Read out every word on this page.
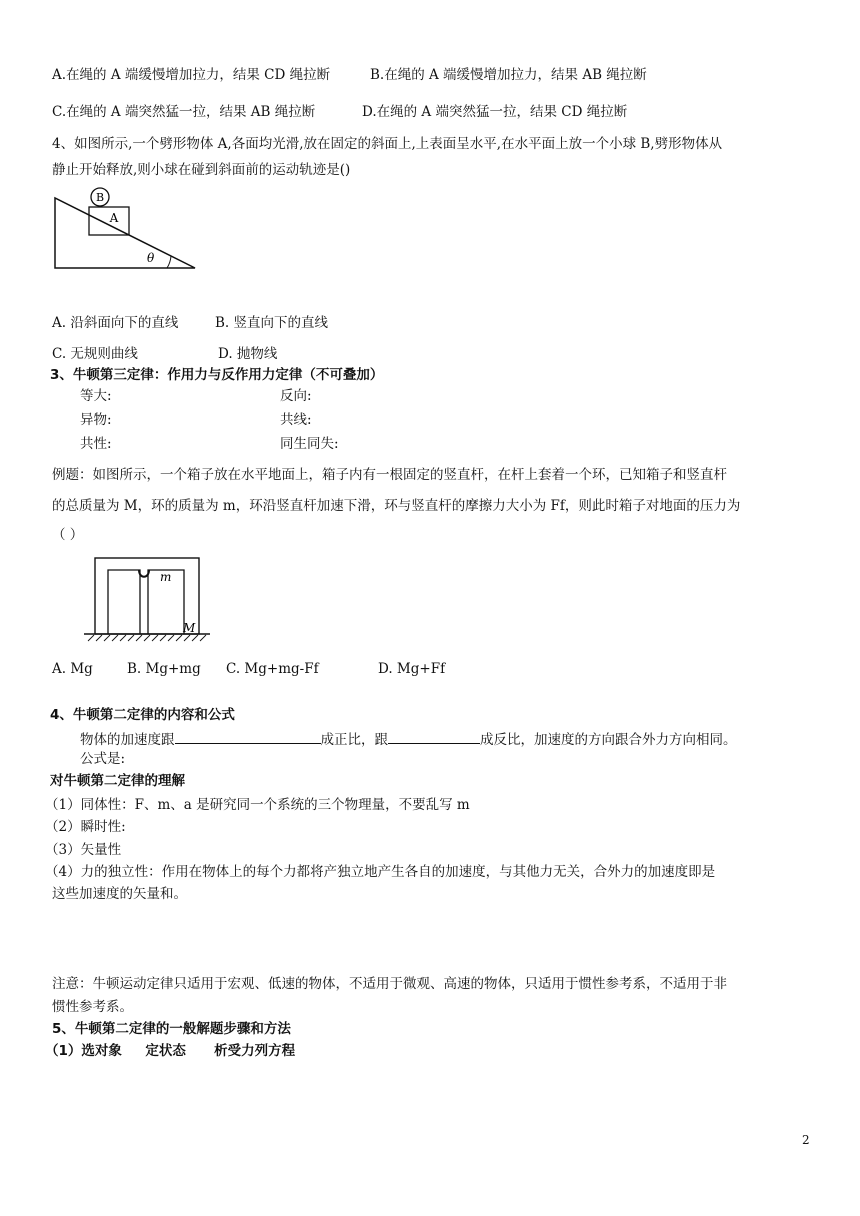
A.在绳的 A 端缓慢增加拉力，结果 CD 绳拉断	B.在绳的 A 端缓慢增加拉力，结果 AB 绳拉断
C.在绳的 A 端突然猛一拉，结果 AB 绳拉断	D.在绳的 A 端突然猛一拉，结果 CD 绳拉断
4、如图所示,一个劈形物体 A,各面均光滑,放在固定的斜面上,上表面呈水平,在水平面上放一个小球 B,劈形物体从
静止开始释放,则小球在碰到斜面前的运动轨迹是()
B
A
θ
A. 沿斜面向下的直线	B. 竖直向下的直线
C. 无规则曲线	D. 抛物线
3、牛顿第三定律：作用力与反作用力定律（不可叠加）
等大:	反向:
异物:	共线:
共性:	同生同失:
例题：如图所示，一个箱子放在水平地面上，箱子内有一根固定的竖直杆，在杆上套着一个环，已知箱子和竖直杆
的总质量为 M，环的质量为 m，环沿竖直杆加速下滑，环与竖直杆的摩擦力大小为 Ff，则此时箱子对地面的压力为
（ ）
m
M
A. Mg	B. Mg+mg C. Mg+mg-Ff	D. Mg+Ff
4、牛顿第二定律的内容和公式
物体的加速度跟	成正比，跟	成反比，加速度的方向跟合外力方向相同。
公式是:
对牛顿第二定律的理解
（1）同体性：F、m、a 是研究同一个系统的三个物理量，不要乱写 m
（2）瞬时性:
（3）矢量性
（4）力的独立性：作用在物体上的每个力都将产独立地产生各自的加速度，与其他力无关，合外力的加速度即是
这些加速度的矢量和。
注意：牛顿运动定律只适用于宏观、低速的物体，不适用于微观、高速的物体，只适用于惯性参考系，不适用于非
惯性参考系。
5、牛顿第二定律的一般解题步骤和方法
（1）选对象     定状态      析受力列方程
2
